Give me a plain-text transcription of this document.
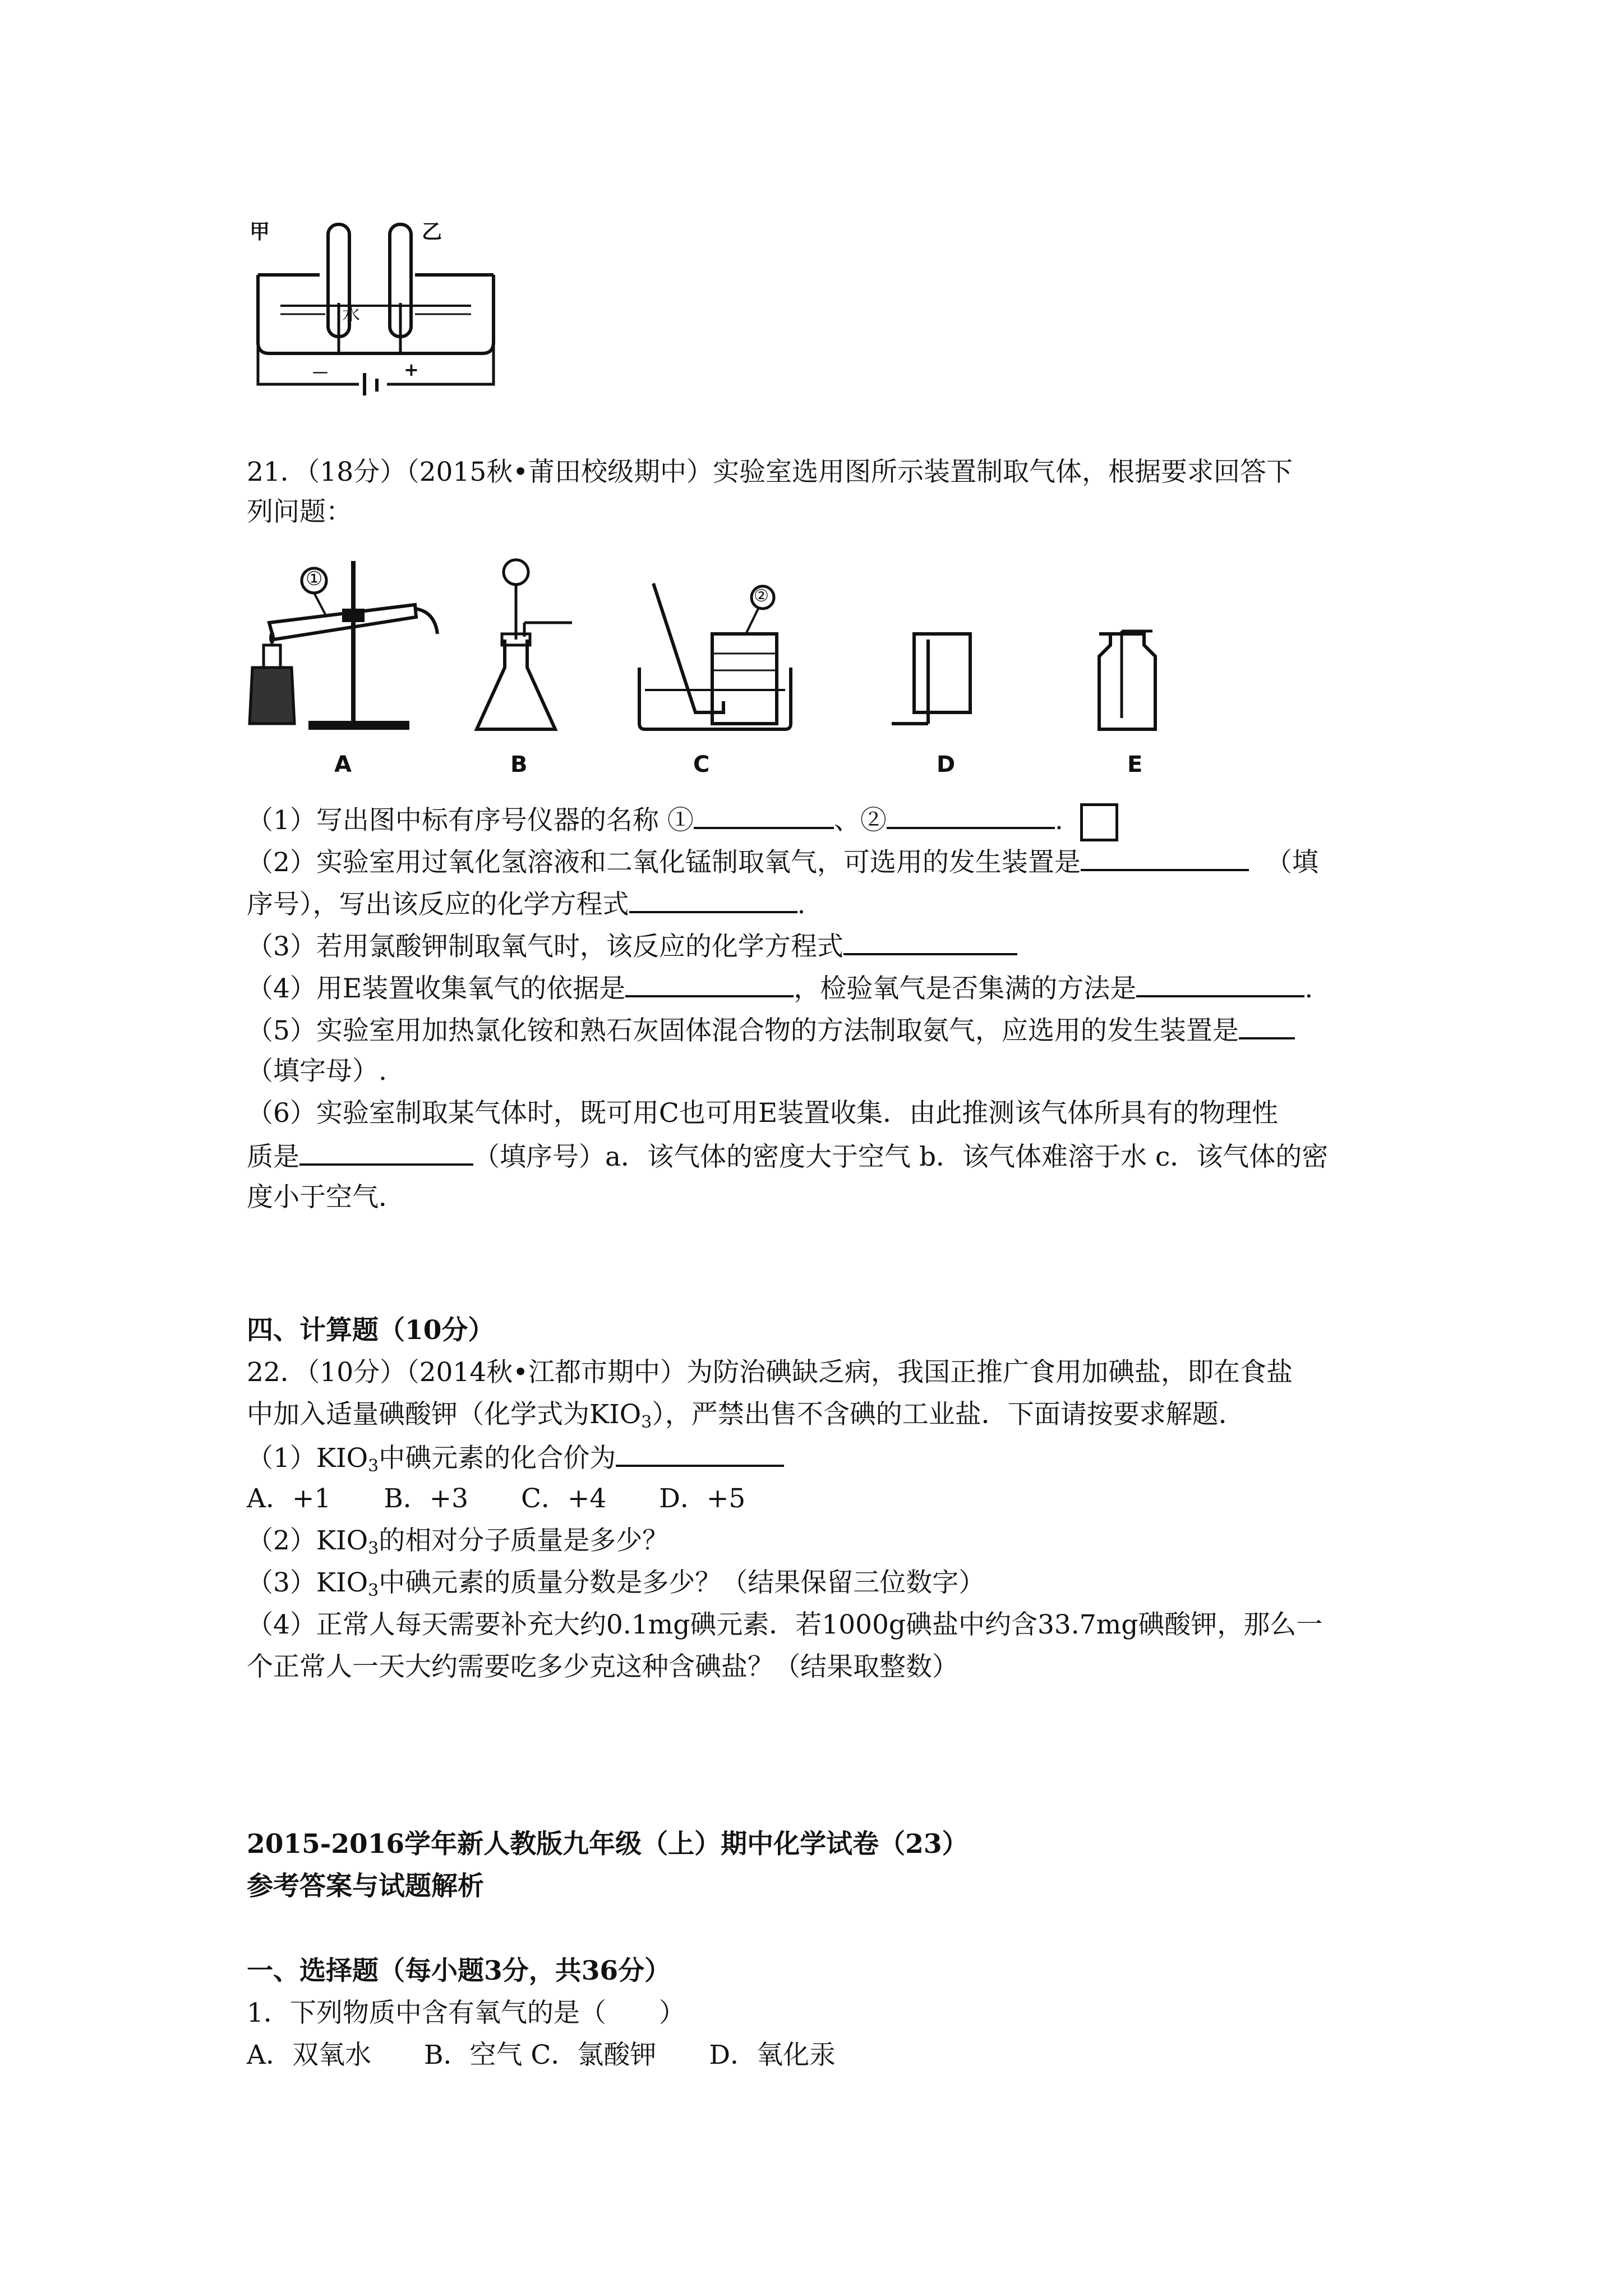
甲	乙
水
－	+
21．（18分）（2015秋•莆田校级期中）实验室选用图所示装置制取气体，根据要求回答下
列问题：
①
②
A	B	C	D	E
（1）写出图中标有序号仪器的名称 ①	、②	.
（2）实验室用过氧化氢溶液和二氧化锰制取氧气，可选用的发生装置是	（填
序号），写出该反应的化学方程式	.
（3）若用氯酸钾制取氧气时，该反应的化学方程式
（4）用E装置收集氧气的依据是	，检验氧气是否集满的方法是	.
（5）实验室用加热氯化铵和熟石灰固体混合物的方法制取氨气，应选用的发生装置是
（填字母）.
（6）实验室制取某气体时，既可用C也可用E装置收集．由此推测该气体所具有的物理性
质是	（填序号）a．该气体的密度大于空气 b．该气体难溶于水 c．该气体的密
度小于空气．
四、计算题（10分）
22．（10分）（2014秋•江都市期中）为防治碘缺乏病，我国正推广食用加碘盐，即在食盐
中加入适量碘酸钾（化学式为$KIO_3$），严禁出售不含碘的工业盐．下面请按要求解题．
$(1)KIO_3$中碘元素的化合价为
A．+1　　B．+3　　C．+4　　D．+5
$(2)KIO_3$的相对分子质量是多少？
$(3)KIO_3$中碘元素的质量分数是多少？（结果保留三位数字）
（4）正常人每天需要补充大约0.1mg碘元素．若1000g碘盐中约含33.7mg碘酸钾，那么一
个正常人一天大约需要吃多少克这种含碘盐？（结果取整数）
2015-2016学年新人教版九年级（上）期中化学试卷（23）
参考答案与试题解析
一、选择题（每小题3分，共36分）
1．下列物质中含有氧气的是（　　）
A．双氧水　　B．空气 C．氯酸钾　　D．氧化汞
